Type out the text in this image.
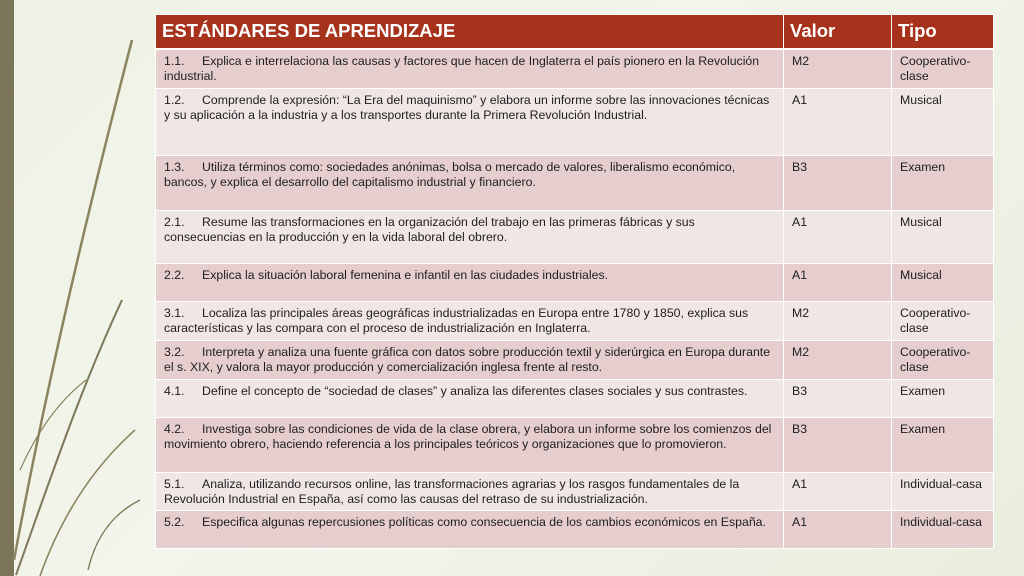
ESTÁNDARES DE APRENDIZAJE	Valor	Tipo
1.1. Explica e interrelaciona las causas y factores que hacen de Inglaterra el país pionero en la Revolución industrial.	M2	Cooperativo-clase
1.2. Comprende la expresión: “La Era del maquinismo” y elabora un informe sobre las innovaciones técnicas y su aplicación a la industria y a los transportes durante la Primera Revolución Industrial.	A1	Musical
1.3. Utiliza términos como: sociedades anónimas, bolsa o mercado de valores, liberalismo económico, bancos, y explica el desarrollo del capitalismo industrial y financiero.	B3	Examen
2.1. Resume las transformaciones en la organización del trabajo en las primeras fábricas y sus consecuencias en la producción y en la vida laboral del obrero.	A1	Musical
2.2. Explica la situación laboral femenina e infantil en las ciudades industriales.	A1	Musical
3.1. Localiza las principales áreas geográficas industrializadas en Europa entre 1780 y 1850, explica sus características y las compara con el proceso de industrialización en Inglaterra.	M2	Cooperativo-clase
3.2. Interpreta y analiza una fuente gráfica con datos sobre producción textil y siderúrgica en Europa durante el s. XIX, y valora la mayor producción y comercialización inglesa frente al resto.	M2	Cooperativo-clase
4.1. Define el concepto de “sociedad de clases” y analiza las diferentes clases sociales y sus contrastes.	B3	Examen
4.2. Investiga sobre las condiciones de vida de la clase obrera, y elabora un informe sobre los comienzos del movimiento obrero, haciendo referencia a los principales teóricos y organizaciones que lo promovieron.	B3	Examen
5.1. Analiza, utilizando recursos online, las transformaciones agrarias y los rasgos fundamentales de la Revolución Industrial en España, así como las causas del retraso de su industrialización.	A1	Individual-casa
5.2. Especifica algunas repercusiones políticas como consecuencia de los cambios económicos en España.	A1	Individual-casa
